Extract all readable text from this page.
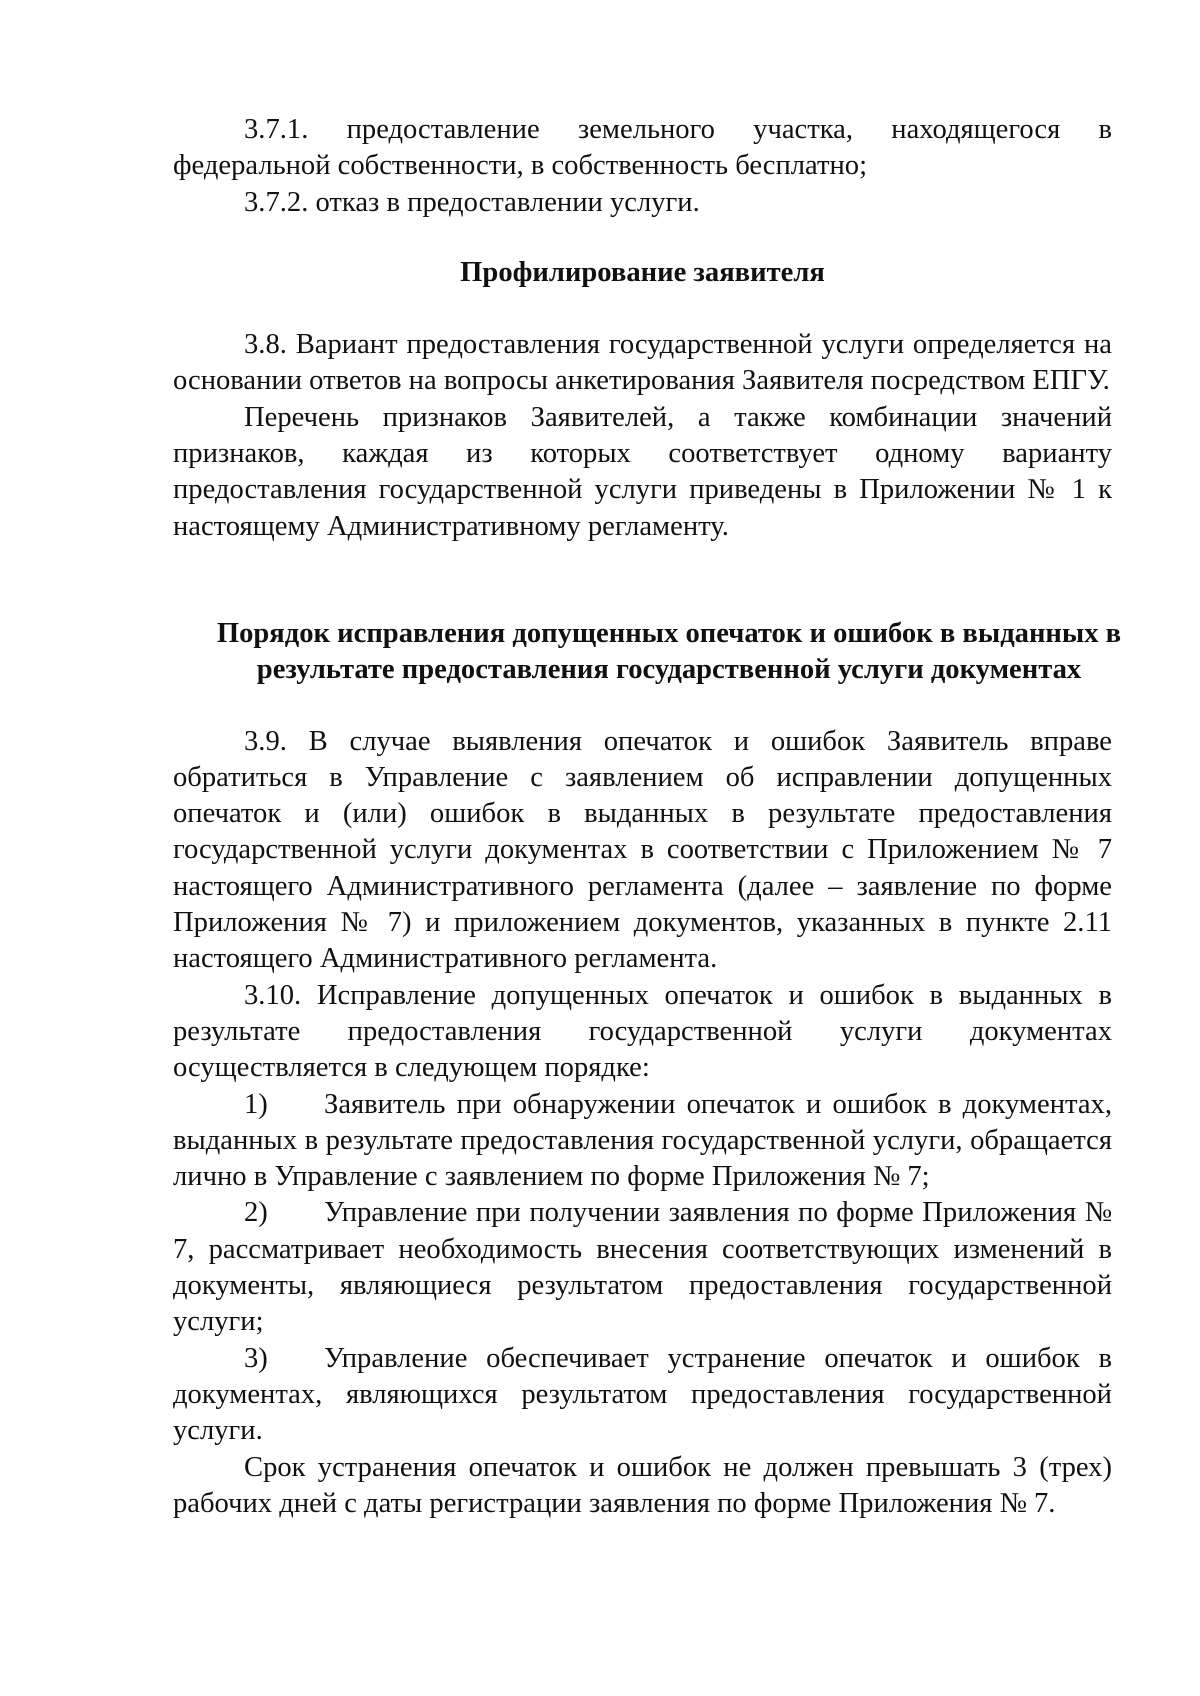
3.7.1. предоставление земельного участка, находящегося в федеральной собственности, в собственность бесплатно;

3.7.2. отказ в предоставлении услуги.

Профилирование заявителя

3.8. Вариант предоставления государственной услуги определяется на основании ответов на вопросы анкетирования Заявителя посредством ЕПГУ.

Перечень признаков Заявителей, а также комбинации значений признаков, каждая из которых соответствует одному варианту предоставления государственной услуги приведены в Приложении № 1 к настоящему Административному регламенту.

Порядок исправления допущенных опечаток и ошибок в выданных в результате предоставления государственной услуги документах

3.9. В случае выявления опечаток и ошибок Заявитель вправе обратиться в Управление с заявлением об исправлении допущенных опечаток и (или) ошибок в выданных в результате предоставления государственной услуги документах в соответствии с Приложением № 7 настоящего Административного регламента (далее – заявление по форме Приложения № 7) и приложением документов, указанных в пункте 2.11 настоящего Административного регламента.

3.10. Исправление допущенных опечаток и ошибок в выданных в результате предоставления государственной услуги документах осуществляется в следующем порядке:

1) Заявитель при обнаружении опечаток и ошибок в документах, выданных в результате предоставления государственной услуги, обращается лично в Управление с заявлением по форме Приложения № 7;

2) Управление при получении заявления по форме Приложения № 7, рассматривает необходимость внесения соответствующих изменений в документы, являющиеся результатом предоставления государственной услуги;

3) Управление обеспечивает устранение опечаток и ошибок в документах, являющихся результатом предоставления государственной услуги.

Срок устранения опечаток и ошибок не должен превышать 3 (трех) рабочих дней с даты регистрации заявления по форме Приложения № 7.
